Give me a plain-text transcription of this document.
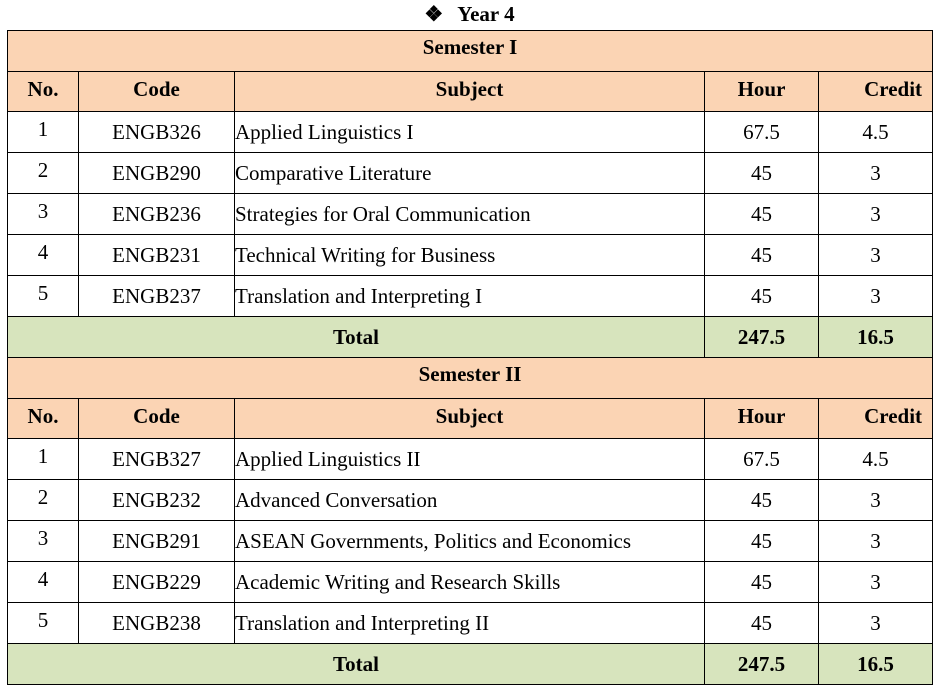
❖ Year 4
Semester I				
No.	Code	Subject	Hour	Credit
1	ENGB326	Applied Linguistics I	67.5	4.5
2	ENGB290	Comparative Literature	45	3
3	ENGB236	Strategies for Oral Communication	45	3
4	ENGB231	Technical Writing for Business	45	3
5	ENGB237	Translation and Interpreting I	45	3
Total			247.5	16.5
Semester II				
No.	Code	Subject	Hour	Credit
1	ENGB327	Applied Linguistics II	67.5	4.5
2	ENGB232	Advanced Conversation	45	3
3	ENGB291	ASEAN Governments, Politics and Economics	45	3
4	ENGB229	Academic Writing and Research Skills	45	3
5	ENGB238	Translation and Interpreting II	45	3
Total			247.5	16.5
